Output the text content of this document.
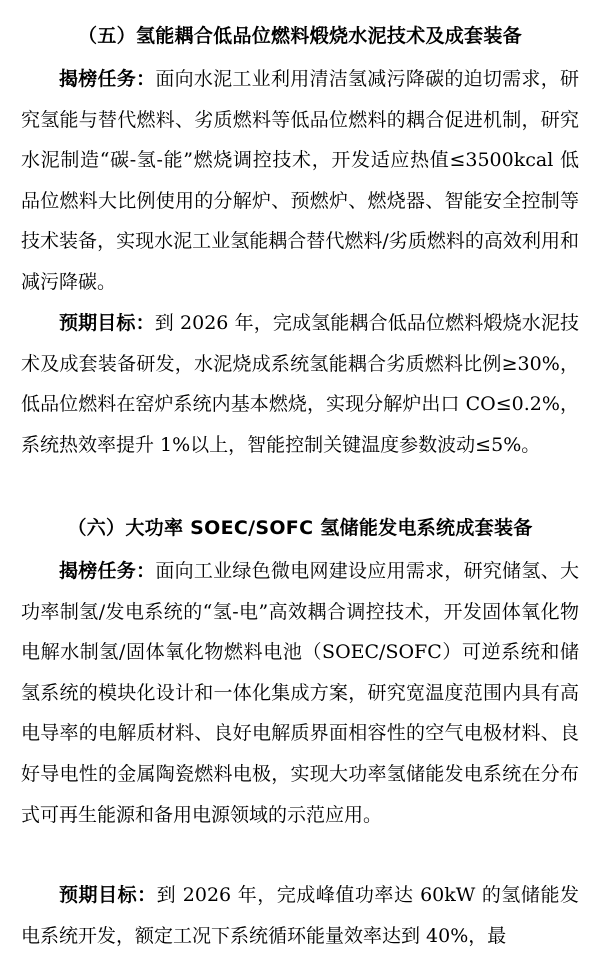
（五）氢能耦合低品位燃料煅烧水泥技术及成套装备

揭榜任务：面向水泥工业利用清洁氢减污降碳的迫切需求，研究氢能与替代燃料、劣质燃料等低品位燃料的耦合促进机制，研究水泥制造“碳-氢-能”燃烧调控技术，开发适应热值≤3500kcal 低品位燃料大比例使用的分解炉、预燃炉、燃烧器、智能安全控制等技术装备，实现水泥工业氢能耦合替代燃料/劣质燃料的高效利用和减污降碳。

预期目标：到 2026 年，完成氢能耦合低品位燃料煅烧水泥技术及成套装备研发，水泥烧成系统氢能耦合劣质燃料比例≥30%，低品位燃料在窑炉系统内基本燃烧，实现分解炉出口 CO≤0.2%，系统热效率提升 1%以上，智能控制关键温度参数波动≤5%。

（六）大功率 SOEC/SOFC 氢储能发电系统成套装备

揭榜任务：面向工业绿色微电网建设应用需求，研究储氢、大功率制氢/发电系统的“氢-电”高效耦合调控技术，开发固体氧化物电解水制氢/固体氧化物燃料电池（SOEC/SOFC）可逆系统和储氢系统的模块化设计和一体化集成方案，研究宽温度范围内具有高电导率的电解质材料、良好电解质界面相容性的空气电极材料、良好导电性的金属陶瓷燃料电极，实现大功率氢储能发电系统在分布式可再生能源和备用电源领域的示范应用。

预期目标：到 2026 年，完成峰值功率达 60kW 的氢储能发电系统开发，额定工况下系统循环能量效率达到 40%，最
